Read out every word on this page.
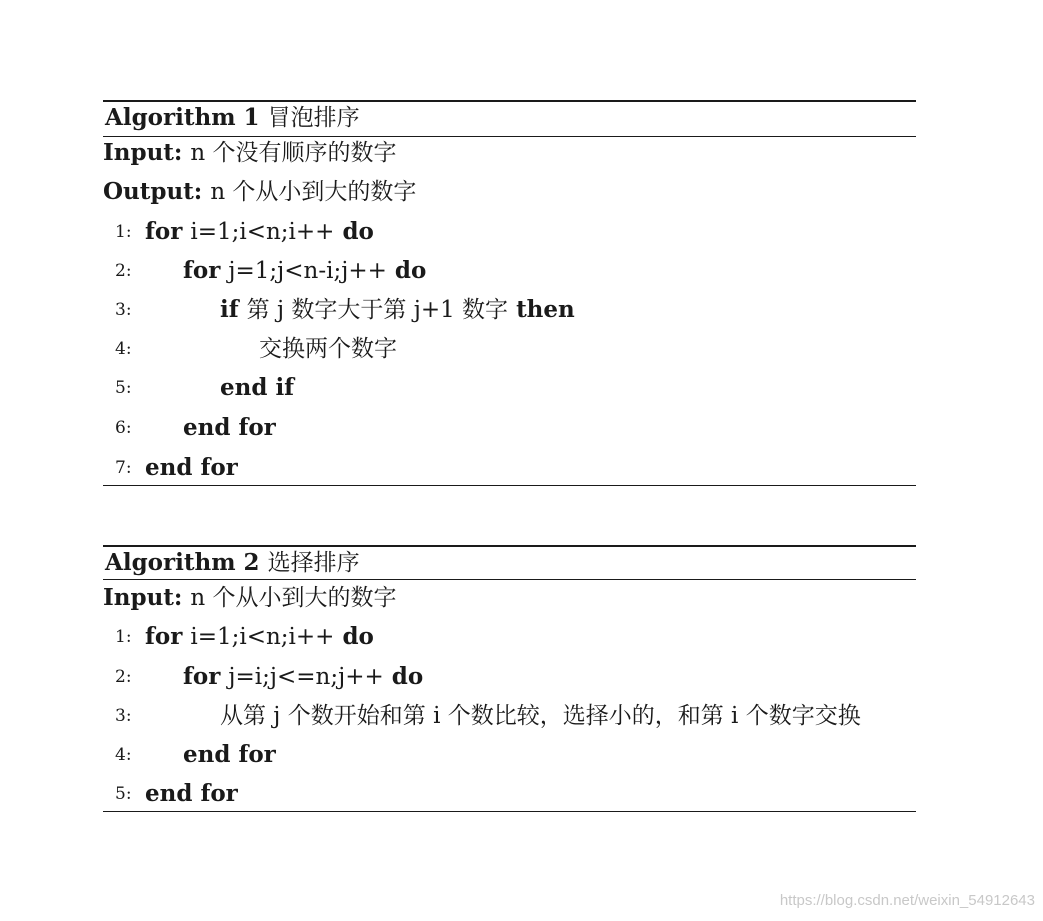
Algorithm 1 冒泡排序
Input: n 个没有顺序的数字
Output: n 个从小到大的数字
1: for i=1;i<n;i++ do
2:	for j=1;j<n-i;j++ do
3:	if 第 j 数字大于第 j+1 数字 then
4:	交换两个数字
5:	end if
6:	end for
7: end for
Algorithm 2 选择排序
Input: n 个从小到大的数字
1: for i=1;i<n;i++ do
2:	for j=i;j<=n;j++ do
3:	从第 j 个数开始和第 i 个数比较，选择小的，和第 i 个数字交换
4:	end for
5: end for
https://blog.csdn.net/weixin_54912643
